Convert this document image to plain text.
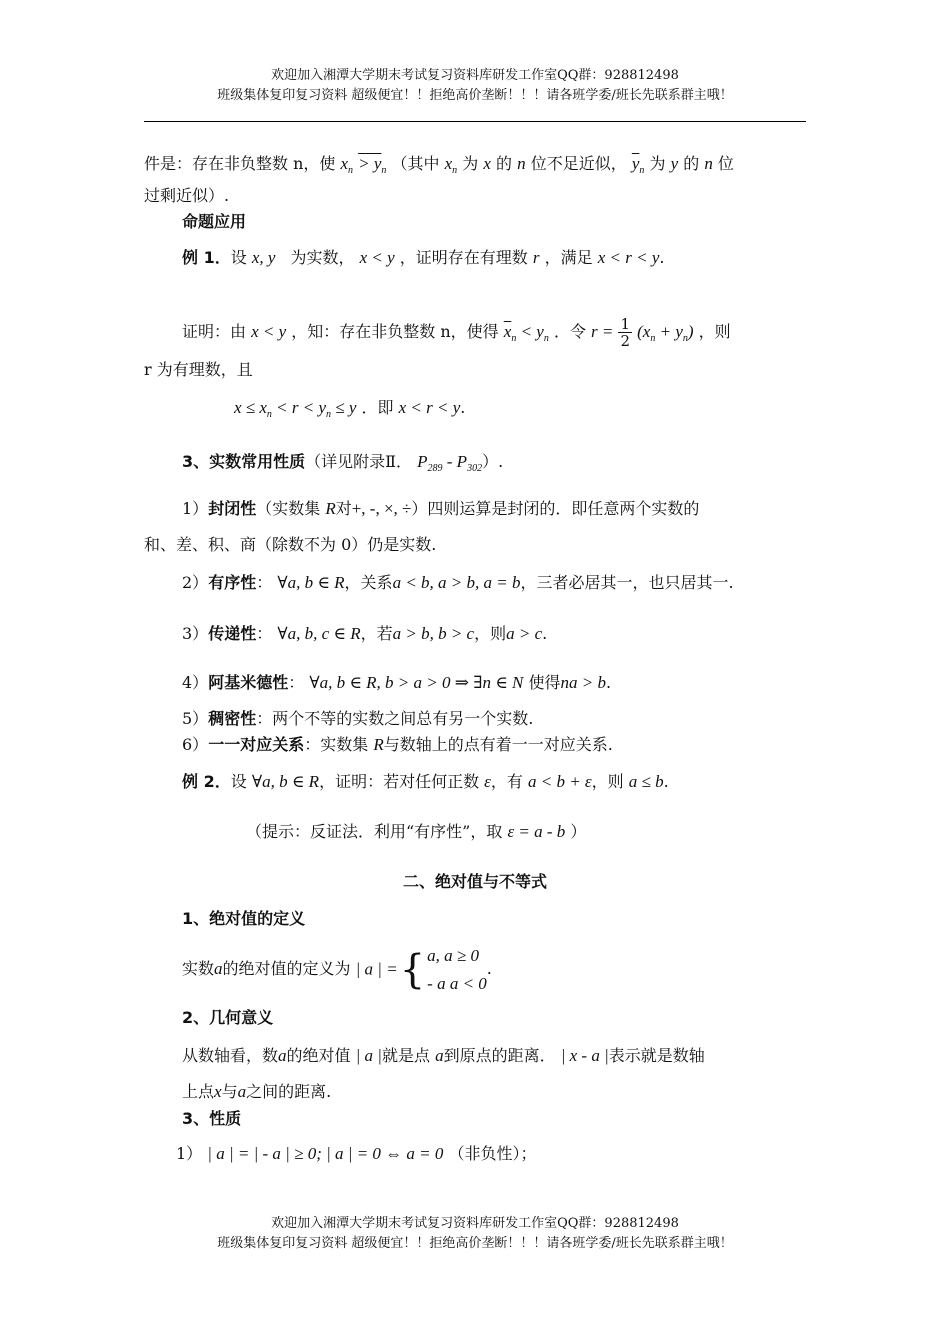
欢迎加入湘潭大学期末考试复习资料库研发工作室QQ群：928812498
班级集体复印复习资料 超级便宜！！拒绝高价垄断！！！请各班学委/班长先联系群主哦！
件是：存在非负整数 n，使 $x_n > y_n$ （其中 $x_n$ 为 x 的 n 位不足近似， $\overline{y}_n$ 为 y 的 n 位
过剩近似）.
命题应用
例 1．设 x, y 为实数， x < y ，证明存在有理数 r ，满足 x < r < y.
证明：由 x < y ，知：存在非负整数 n，使得 $\overline{x}_n < y_n$ ．令 $r = \frac{1}{2} (x_n + y_n)$ ，则
r 为有理数，且
$x \le x_n < r < y_n \le y$ ．即 x < r < y.
3、实数常用性质（详见附录Ⅱ． $P_{289} - P_{302}$）.
1）封闭性（实数集 R对+, -, ×, ÷）四则运算是封闭的．即任意两个实数的
和、差、积、商（除数不为 0）仍是实数.
2）有序性： ∀a, b ∈ R，关系a < b, a > b, a = b，三者必居其一，也只居其一.
3）传递性： ∀a, b, c ∈ R，若a > b, b > c，则a > c.
4）阿基米德性： ∀a, b ∈ R, b > a > 0 ⇒ ∃n ∈ N 使得na > b.
5）稠密性：两个不等的实数之间总有另一个实数.
6）一一对应关系：实数集 R与数轴上的点有着一一对应关系.
例 2．设 ∀a, b ∈ R，证明：若对任何正数 ε，有 a < b + ε，则 a ≤ b.
（提示：反证法．利用“有序性”，取 ε = a - b ）
二、绝对值与不等式
1、绝对值的定义
实数a的绝对值的定义为 | a | ={ a, a ≥ 0
- a a < 0
.
2、几何意义
从数轴看，数a的绝对值 | a |就是点 a到原点的距离． | x - a |表示就是数轴
上点x与a之间的距离.
3、性质
1） | a | = | - a | ≥ 0; | a | = 0 ⇔ a = 0 （非负性）；
欢迎加入湘潭大学期末考试复习资料库研发工作室QQ群：928812498
班级集体复印复习资料 超级便宜！！拒绝高价垄断！！！请各班学委/班长先联系群主哦！
